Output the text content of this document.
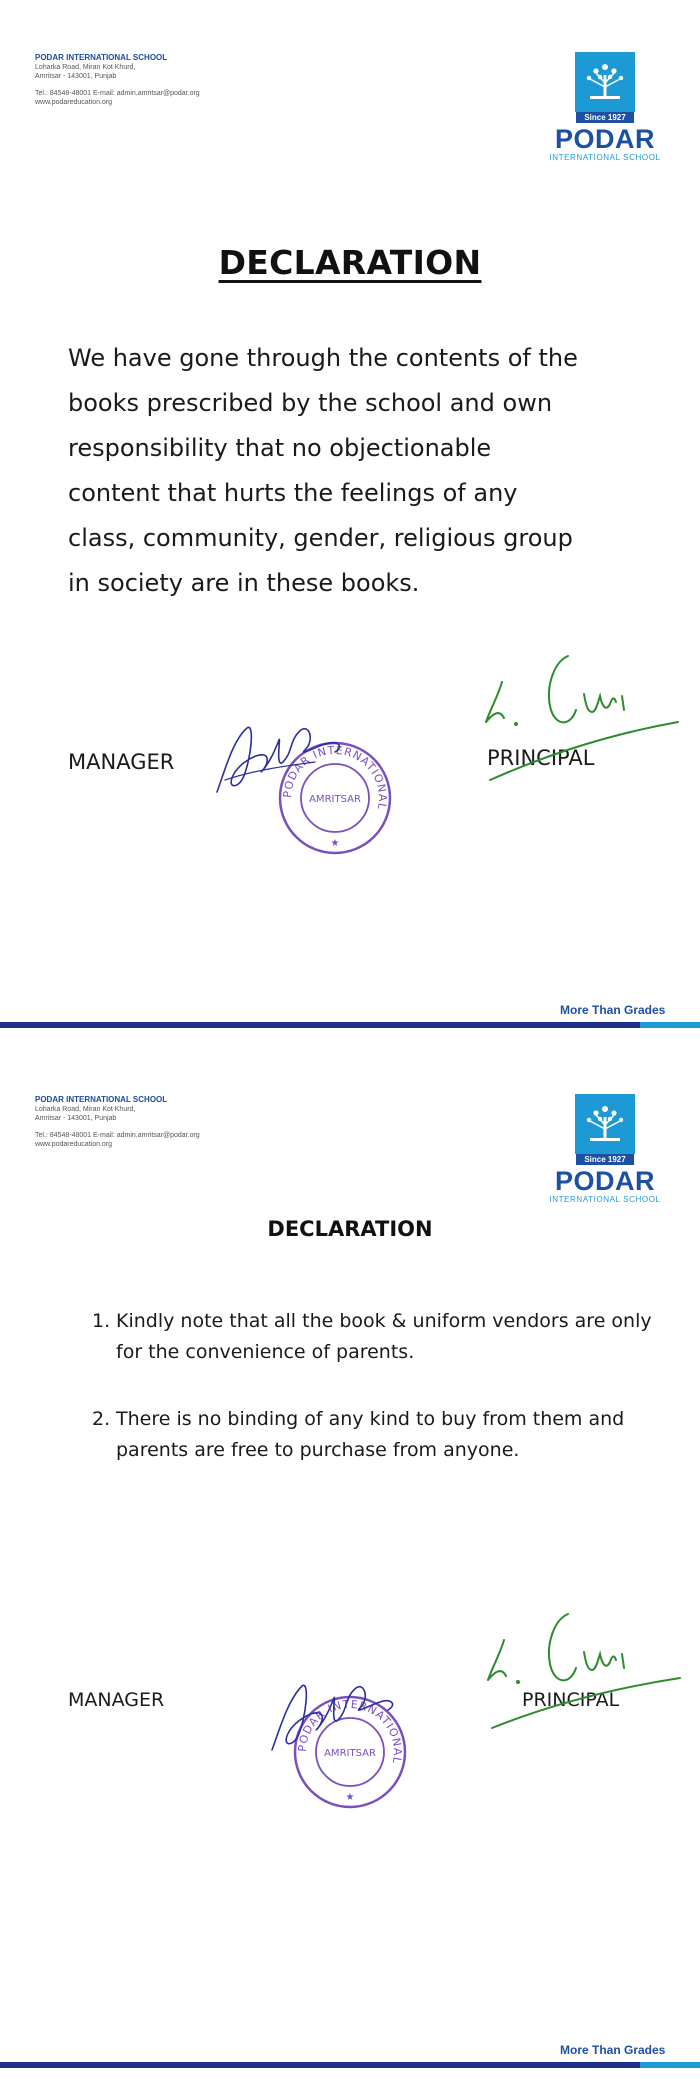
PODAR INTERNATIONAL SCHOOL
Loharka Road, Miran Kot Khurd,
Amritsar - 143001, Punjab
Tel.: 84548-48001 E-mail: admin.amritsar@podar.org
www.podareducation.org
Since 1927
PODAR
INTERNATIONAL SCHOOL
DECLARATION
We have gone through the contents of the
books prescribed by the school and own
responsibility that no objectionable
content that hurts the feelings of any
class, community, gender, religious group
in society are in these books.
MANAGER
PODAR INTERNATIONAL
AMRITSAR
★
PRINCIPAL
More Than Grades
PODAR INTERNATIONAL SCHOOL
Loharka Road, Miran Kot Khurd,
Amritsar - 143001, Punjab
Tel.: 84548-48001 E-mail: admin.amritsar@podar.org
www.podareducation.org
Since 1927
PODAR
INTERNATIONAL SCHOOL
DECLARATION
1. Kindly note that all the book & uniform vendors are only for the convenience of parents.
2. There is no binding of any kind to buy from them and parents are free to purchase from anyone.
MANAGER
PODAR INTERNATIONAL
AMRITSAR
★
PRINCIPAL
More Than Grades
